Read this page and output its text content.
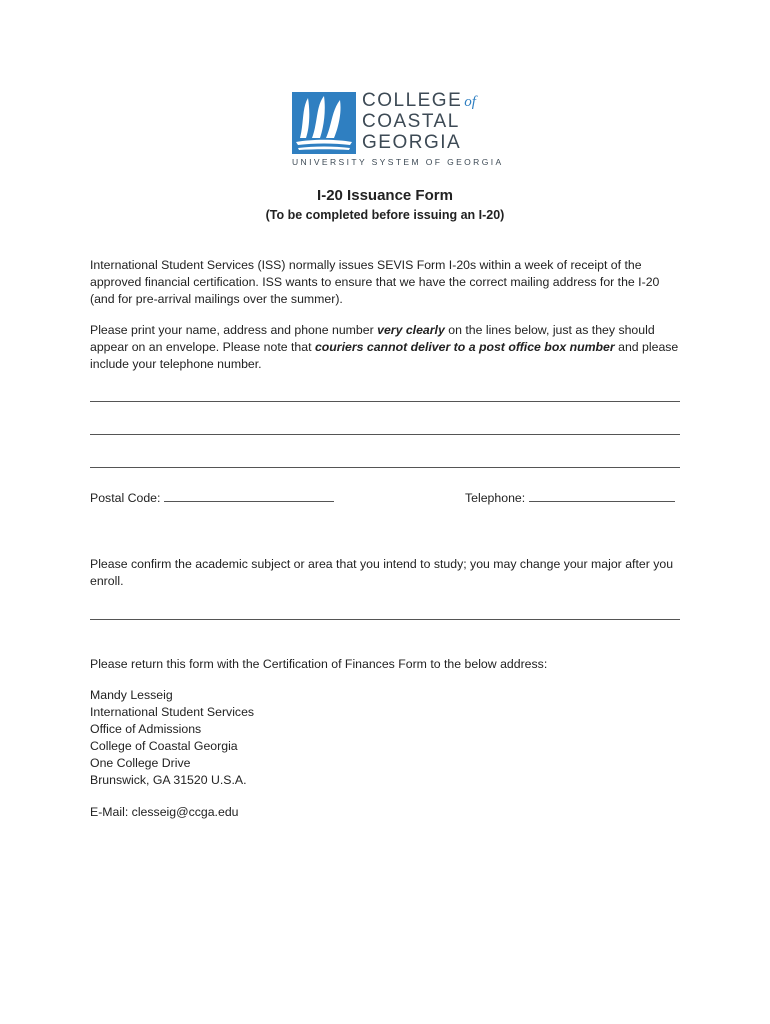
COLLEGE of
COASTAL
GEORGIA
UNIVERSITY SYSTEM OF GEORGIA
I-20 Issuance Form
(To be completed before issuing an I-20)

International Student Services (ISS) normally issues SEVIS Form I-20s within a week of receipt of the approved financial certification. ISS wants to ensure that we have the correct mailing address for the I-20 (and for pre-arrival mailings over the summer).

Please print your name, address and phone number very clearly on the lines below, just as they should appear on an envelope. Please note that couriers cannot deliver to a post office box number and please include your telephone number.

Postal Code:	Telephone:

Please confirm the academic subject or area that you intend to study; you may change your major after you enroll.

Please return this form with the Certification of Finances Form to the below address:

Mandy Lesseig
International Student Services
Office of Admissions
College of Coastal Georgia
One College Drive
Brunswick, GA 31520 U.S.A.
E-Mail: clesseig@ccga.edu
